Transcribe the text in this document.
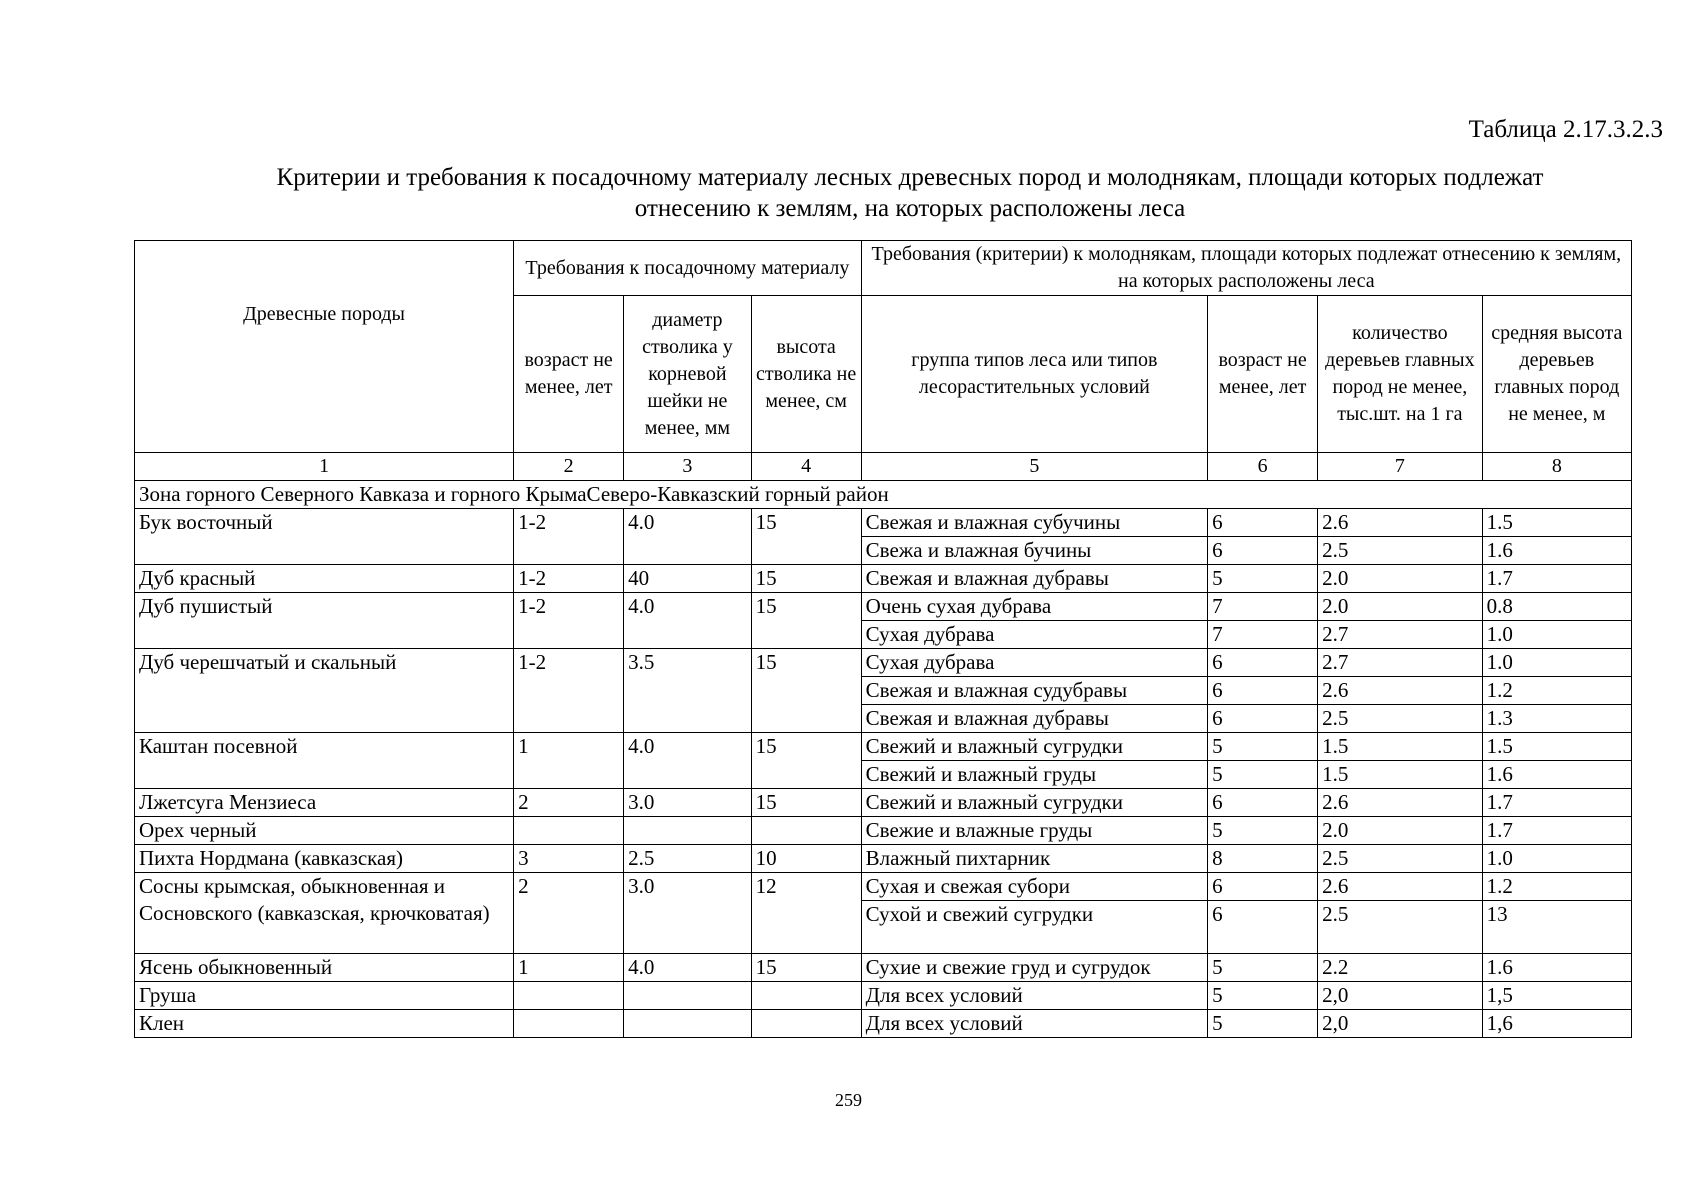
Таблица 2.17.3.2.3
Критерии и требования к посадочному материалу лесных древесных пород и молоднякам, площади которых подлежат
отнесению к землям, на которых расположены леса
Древесные породы	Требования к посадочному материалу			Требования (критерии) к молоднякам, площади которых подлежат отнесению к землям, на которых расположены леса			
	возраст не менее, лет	диаметр стволика у корневой шейки не менее, мм	высота стволика не менее, см	группа типов леса или типов лесорастительных условий	возраст не менее, лет	количество деревьев главных пород не менее, тыс.шт. на 1 га	средняя высота деревьев главных пород не менее, м
1	2	3	4	5	6	7	8
Зона горного Северного Кавказа и горного КрымаСеверо-Кавказский горный район							
Бук восточный	1-2	4.0	15	Свежая и влажная субучины	6	2.6	1.5
				Свежа и влажная бучины	6	2.5	1.6
Дуб красный	1-2	40	15	Свежая и влажная дубравы	5	2.0	1.7
Дуб пушистый	1-2	4.0	15	Очень сухая дубрава	7	2.0	0.8
				Сухая дубрава	7	2.7	1.0
Дуб черешчатый и скальный	1-2	3.5	15	Сухая дубрава	6	2.7	1.0
				Свежая и влажная судубравы	6	2.6	1.2
				Свежая и влажная дубравы	6	2.5	1.3
Каштан посевной	1	4.0	15	Свежий и влажный сугрудки	5	1.5	1.5
				Свежий и влажный груды	5	1.5	1.6
Лжетсуга Мензиеса	2	3.0	15	Свежий и влажный сугрудки	6	2.6	1.7
Орех черный				Свежие и влажные груды	5	2.0	1.7
Пихта Нордмана (кавказская)	3	2.5	10	Влажный пихтарник	8	2.5	1.0
Сосны крымская, обыкновенная и Сосновского (кавказская, крючковатая)	2	3.0	12	Сухая и свежая субори	6	2.6	1.2
				Сухой и свежий сугрудки	6	2.5	13
Ясень обыкновенный	1	4.0	15	Сухие и свежие груд и сугрудок	5	2.2	1.6
Груша				Для всех условий	5	2,0	1,5
Клен				Для всех условий	5	2,0	1,6
259
